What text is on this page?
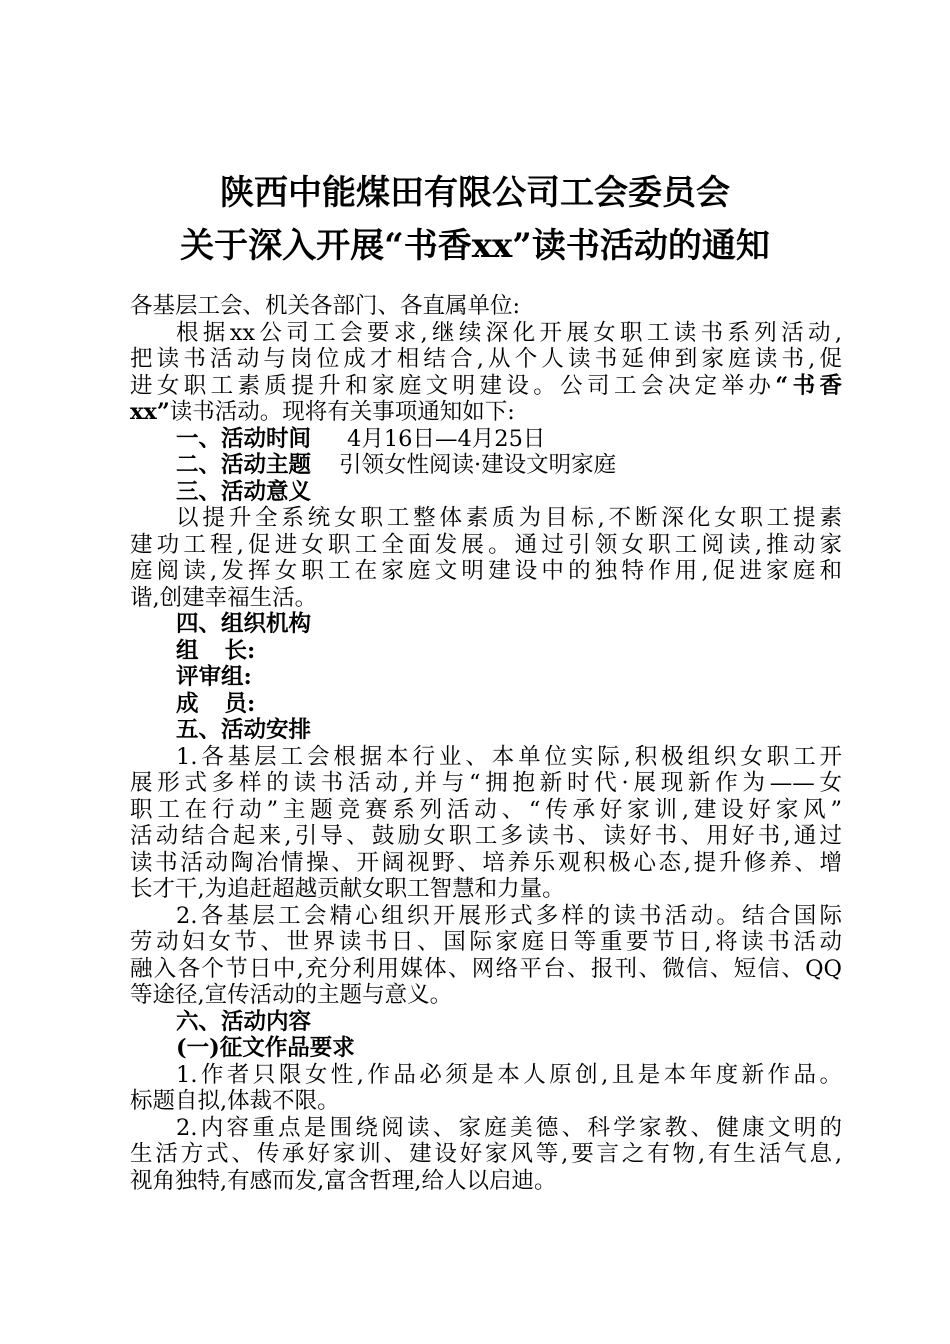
陕西中能煤田有限公司工会委员会
关于深入开展“书香xx”读书活动的通知
各基层工会、机关各部门、各直属单位:
根据xx公司工会要求,继续深化开展女职工读书系列活动,
把读书活动与岗位成才相结合,从个人读书延伸到家庭读书,促
进女职工素质提升和家庭文明建设。公司工会决定举办“书香
xx”读书活动。现将有关事项通知如下:
一、活动时间 4月16日—4月25日
二、活动主题 引领女性阅读·建设文明家庭
三、活动意义
以提升全系统女职工整体素质为目标,不断深化女职工提素
建功工程,促进女职工全面发展。通过引领女职工阅读,推动家
庭阅读,发挥女职工在家庭文明建设中的独特作用,促进家庭和
谐,创建幸福生活。
四、组织机构
组 长:
评审组:
成 员:
五、活动安排
1.各基层工会根据本行业、本单位实际,积极组织女职工开
展形式多样的读书活动,并与“拥抱新时代·展现新作为——女
职工在行动”主题竞赛系列活动、“传承好家训,建设好家风”
活动结合起来,引导、鼓励女职工多读书、读好书、用好书,通过
读书活动陶冶情操、开阔视野、培养乐观积极心态,提升修养、增
长才干,为追赶超越贡献女职工智慧和力量。
2.各基层工会精心组织开展形式多样的读书活动。结合国际
劳动妇女节、世界读书日、国际家庭日等重要节日,将读书活动
融入各个节日中,充分利用媒体、网络平台、报刊、微信、短信、QQ
等途径,宣传活动的主题与意义。
六、活动内容
(一)征文作品要求
1.作者只限女性,作品必须是本人原创,且是本年度新作品。
标题自拟,体裁不限。
2.内容重点是围绕阅读、家庭美德、科学家教、健康文明的
生活方式、传承好家训、建设好家风等,要言之有物,有生活气息,
视角独特,有感而发,富含哲理,给人以启迪。
